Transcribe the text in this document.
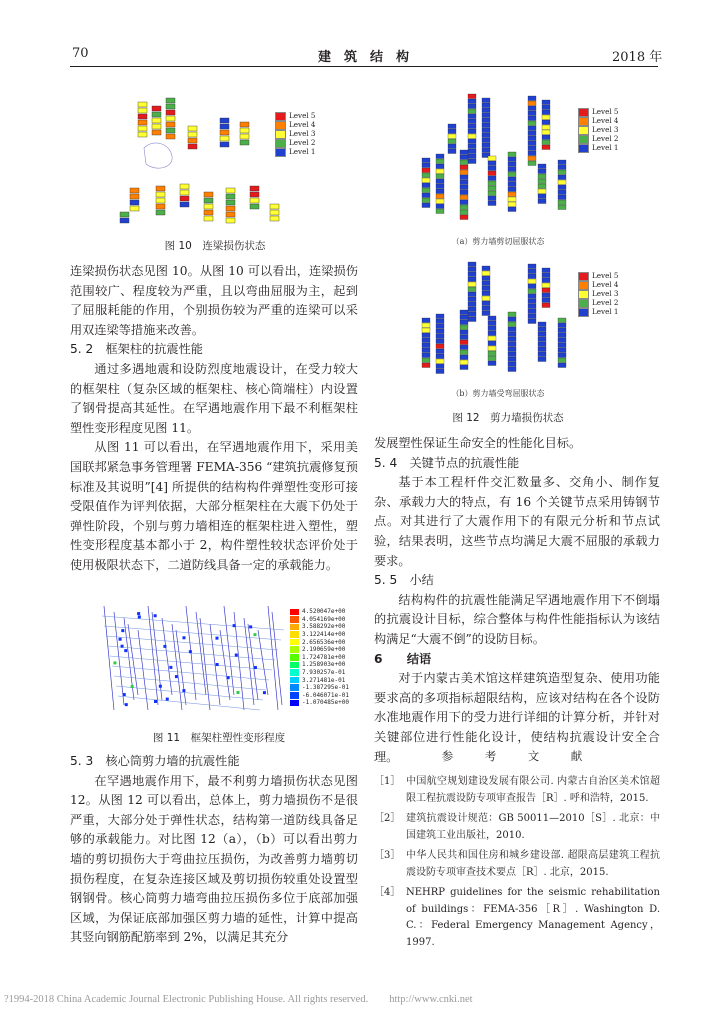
70	建　筑　结　构	2018 年
Level 5
Level 4
Level 3
Level 2
Level 1
图 10　连梁损伤状态

连梁损伤状态见图 10。从图 10 可以看出，连梁损伤范围较广、程度较为严重，且以弯曲屈服为主，起到了屈服耗能的作用，个别损伤较为严重的连梁可以采用双连梁等措施来改善。

5. 2　框架柱的抗震性能

通过多遇地震和设防烈度地震设计，在受力较大的框架柱（复杂区域的框架柱、核心筒端柱）内设置了钢骨提高其延性。在罕遇地震作用下最不利框架柱塑性变形程度见图 11。

从图 11 可以看出，在罕遇地震作用下，采用美国联邦紧急事务管理署 FEMA-356 “建筑抗震修复预标准及其说明”[4] 所提供的结构构件弹塑性变形可接受限值作为评判依据，大部分框架柱在大震下仍处于弹性阶段，个别与剪力墙相连的框架柱进入塑性，塑性变形程度基本都小于 2，构件塑性较状态评价处于使用极限状态下，二道防线具备一定的承载能力。

4.520047e+00
4.054169e+00
3.588292e+00
3.122414e+00
2.656536e+00
2.190659e+00
1.724781e+00
1.258903e+00
7.930257e-01
3.271481e-01
-1.387295e-01
-6.046071e-01
-1.070485e+00
图 11　框架柱塑性变形程度

5. 3　核心筒剪力墙的抗震性能

在罕遇地震作用下，最不利剪力墙损伤状态见图 12。从图 12 可以看出，总体上，剪力墙损伤不是很严重，大部分处于弹性状态，结构第一道防线具备足够的承载能力。对比图 12（a），（b）可以看出剪力墙的剪切损伤大于弯曲拉压损伤，为改善剪力墙剪切损伤程度，在复杂连接区域及剪切损伤较重处设置型钢钢骨。核心筒剪力墙弯曲拉压损伤多位于底部加强区域，为保证底部加强区剪力墙的延性，计算中提高其竖向钢筋配筋率到 2%，以满足其充分

Level 5
Level 4
Level 3
Level 2
Level 1
（a）剪力墙剪切屈服状态
Level 5
Level 4
Level 3
Level 2
Level 1
（b）剪力墙受弯屈服状态
图 12　剪力墙损伤状态

发展塑性保证生命安全的性能化目标。

5. 4　关键节点的抗震性能

基于本工程杆件交汇数量多、交角小、制作复杂、承载力大的特点，有 16 个关键节点采用铸钢节点。对其进行了大震作用下的有限元分析和节点试验，结果表明，这些节点均满足大震不屈服的承载力要求。

5. 5　小结

结构构件的抗震性能满足罕遇地震作用下不倒塌的抗震设计目标，综合整体与构件性能指标认为该结构满足“大震不倒”的设防目标。

6　　结语

对于内蒙古美术馆这样建筑造型复杂、使用功能要求高的多项指标超限结构，应该对结构在各个设防水准地震作用下的受力进行详细的计算分析，并针对关键部位进行性能化设计，使结构抗震设计安全合理。	参　考　文　献
［1］ 中国航空规划建设发展有限公司. 内蒙古自治区美术馆超限工程抗震设防专项审查报告［R］. 呼和浩特，2015.
［2］ 建筑抗震设计规范：GB 50011—2010［S］. 北京：中国建筑工业出版社，2010.
［3］ 中华人民共和国住房和城乡建设部. 超限高层建筑工程抗震设防专项审查技术要点［R］. 北京，2015.
［4］ NEHRP guidelines for the seismic rehabilitation of buildings：FEMA-356［R］. Washington D. C.：Federal Emergency Management Agency，1997.
?1994-2018 China Academic Journal Electronic Publishing House. All rights reserved.　　http://www.cnki.net
